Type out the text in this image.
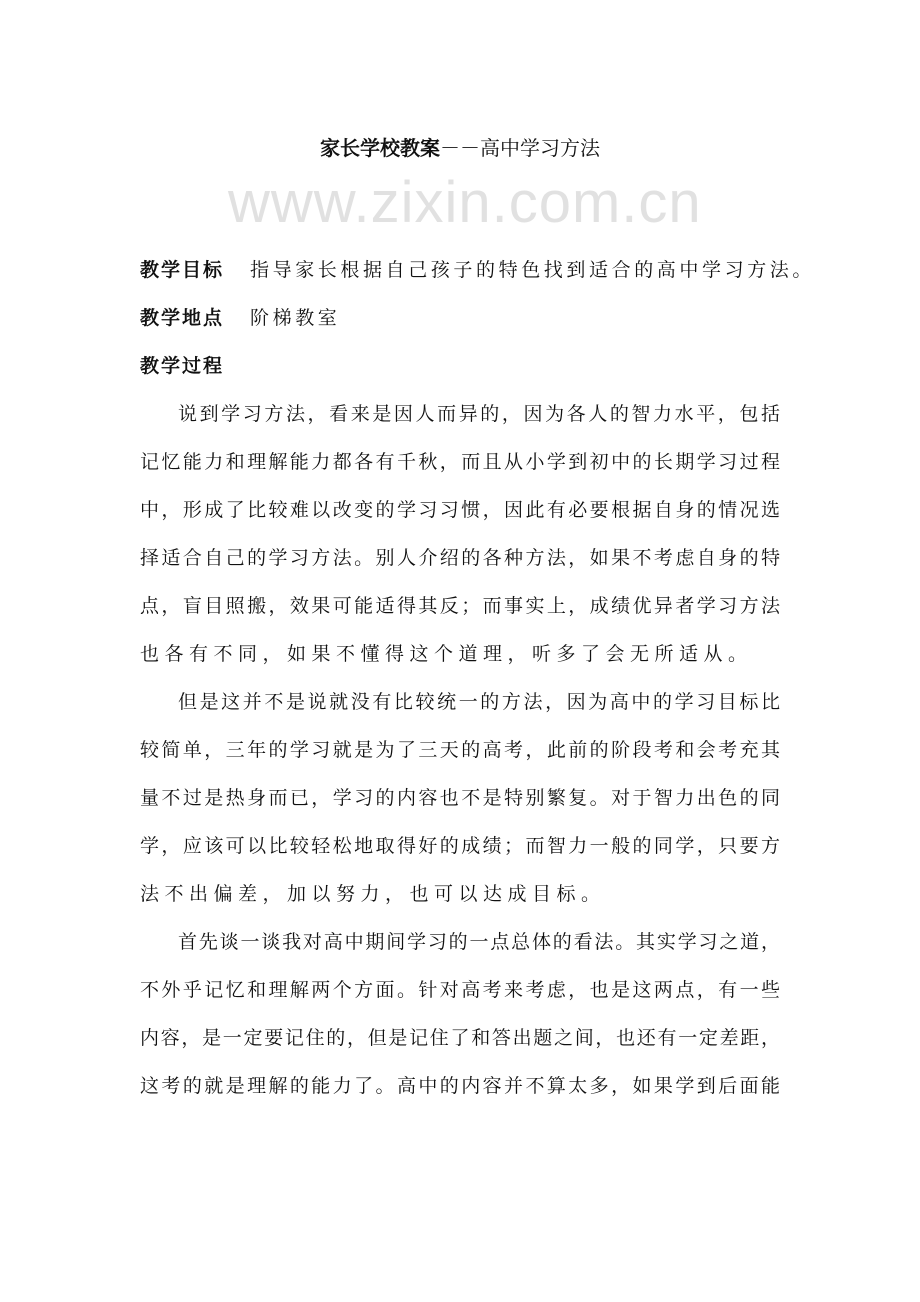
家长学校教案－－高中学习方法
www.zixin.com.cn
教学目标 指导家长根据自己孩子的特色找到适合的高中学习方法。
教学地点 阶梯教室
教学过程
说到学习方法，看来是因人而异的，因为各人的智力水平，包括
记忆能力和理解能力都各有千秋，而且从小学到初中的长期学习过程
中，形成了比较难以改变的学习习惯，因此有必要根据自身的情况选
择适合自己的学习方法。别人介绍的各种方法，如果不考虑自身的特
点，盲目照搬，效果可能适得其反；而事实上，成绩优异者学习方法
也各有不同，如果不懂得这个道理，听多了会无所适从。
但是这并不是说就没有比较统一的方法，因为高中的学习目标比
较简单，三年的学习就是为了三天的高考，此前的阶段考和会考充其
量不过是热身而已，学习的内容也不是特别繁复。对于智力出色的同
学，应该可以比较轻松地取得好的成绩；而智力一般的同学，只要方
法不出偏差，加以努力，也可以达成目标。
首先谈一谈我对高中期间学习的一点总体的看法。其实学习之道，
不外乎记忆和理解两个方面。针对高考来考虑，也是这两点，有一些
内容，是一定要记住的，但是记住了和答出题之间，也还有一定差距，
这考的就是理解的能力了。高中的内容并不算太多，如果学到后面能
